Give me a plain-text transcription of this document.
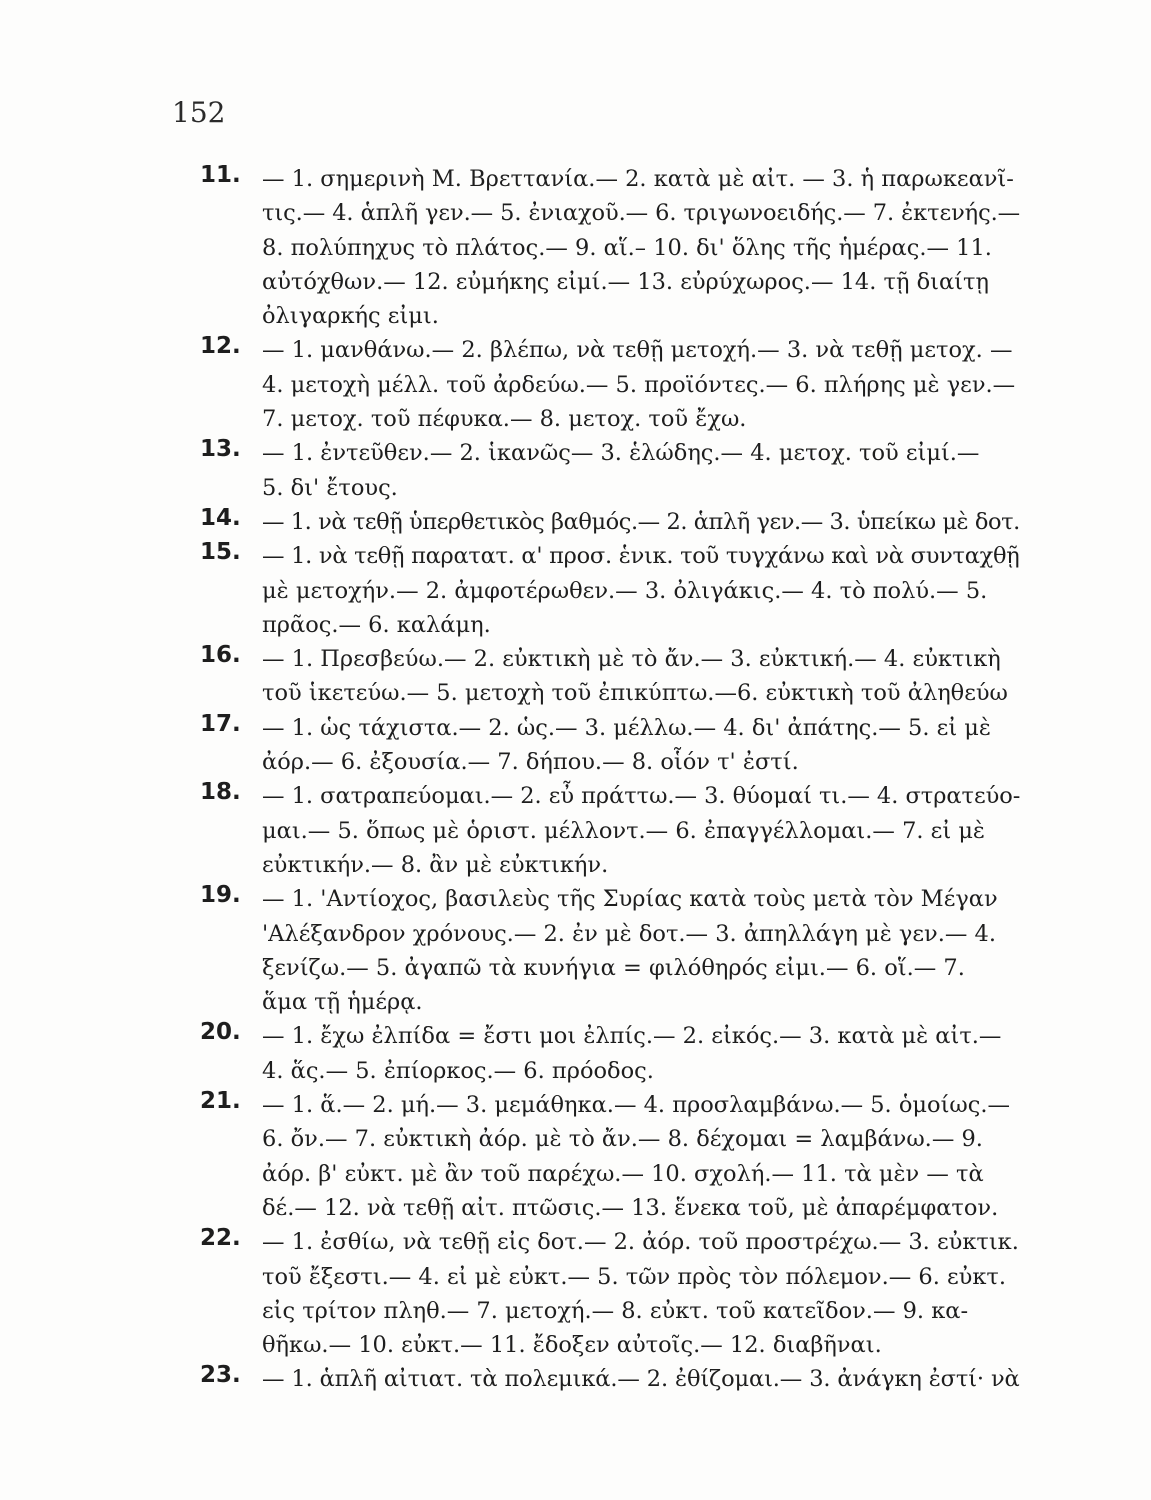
152
11. — 1. σημερινὴ Μ. Βρεττανία.— 2. κατὰ μὲ αἰτ. — 3. ἡ παρωκεανῖ-
τις.— 4. ἁπλῆ γεν.— 5. ἐνιαχοῦ.— 6. τριγωνοειδής.— 7. ἐκτενής.—
8. πολύπηχυς τὸ πλάτος.— 9. αἵ.– 10. δι' ὅλης τῆς ἡμέρας.— 11.
αὐτόχθων.— 12. εὐμήκης εἰμί.— 13. εὐρύχωρος.— 14. τῇ διαίτῃ
ὀλιγαρκής εἰμι.
12. — 1. μανθάνω.— 2. βλέπω, νὰ τεθῇ μετοχή.— 3. νὰ τεθῇ μετοχ. —
4. μετοχὴ μέλλ. τοῦ ἀρδεύω.— 5. προϊόντες.— 6. πλήρης μὲ γεν.—
7. μετοχ. τοῦ πέφυκα.— 8. μετοχ. τοῦ ἔχω.
13. — 1. ἐντεῦθεν.— 2. ἱκανῶς— 3. ἑλώδης.— 4. μετοχ. τοῦ εἰμί.—
5. δι' ἔτους.
14. — 1. νὰ τεθῇ ὑπερθετικὸς βαθμός.— 2. ἁπλῆ γεν.— 3. ὑπείκω μὲ δοτ.
15. — 1. νὰ τεθῇ παρατατ. α' προσ. ἑνικ. τοῦ τυγχάνω καὶ νὰ συνταχθῇ
μὲ μετοχήν.— 2. ἀμφοτέρωθεν.— 3. ὀλιγάκις.— 4. τὸ πολύ.— 5.
πρᾶος.— 6. καλάμη.
16. — 1. Πρεσβεύω.— 2. εὐκτικὴ μὲ τὸ ἄν.— 3. εὐκτική.— 4. εὐκτικὴ
τοῦ ἱκετεύω.— 5. μετοχὴ τοῦ ἐπικύπτω.—6. εὐκτικὴ τοῦ ἀληθεύω
17. — 1. ὡς τάχιστα.— 2. ὡς.— 3. μέλλω.— 4. δι' ἀπάτης.— 5. εἰ μὲ
ἀόρ.— 6. ἐξουσία.— 7. δήπου.— 8. οἷόν τ' ἐστί.
18. — 1. σατραπεύομαι.— 2. εὖ πράττω.— 3. θύομαί τι.— 4. στρατεύο-
μαι.— 5. ὅπως μὲ ὁριστ. μέλλοντ.— 6. ἐπαγγέλλομαι.— 7. εἰ μὲ
εὐκτικήν.— 8. ἂν μὲ εὐκτικήν.
19. — 1. 'Αντίοχος, βασιλεὺς τῆς Συρίας κατὰ τοὺς μετὰ τὸν Μέγαν
'Αλέξανδρον χρόνους.— 2. ἐν μὲ δοτ.— 3. ἀπηλλάγη μὲ γεν.— 4.
ξενίζω.— 5. ἀγαπῶ τὰ κυνήγια = φιλόθηρός εἰμι.— 6. οἵ.— 7.
ἅμα τῇ ἡμέρᾳ.
20. — 1. ἔχω ἐλπίδα = ἔστι μοι ἐλπίς.— 2. εἰκός.— 3. κατὰ μὲ αἰτ.—
4. ἅς.— 5. ἐπίορκος.— 6. πρόοδος.
21. — 1. ἅ.— 2. μή.— 3. μεμάθηκα.— 4. προσλαμβάνω.— 5. ὁμοίως.—
6. ὄν.— 7. εὐκτικὴ ἀόρ. μὲ τὸ ἄν.— 8. δέχομαι = λαμβάνω.— 9.
ἀόρ. β' εὐκτ. μὲ ἂν τοῦ παρέχω.— 10. σχολή.— 11. τὰ μὲν — τὰ
δέ.— 12. νὰ τεθῇ αἰτ. πτῶσις.— 13. ἕνεκα τοῦ, μὲ ἀπαρέμφατον.
22. — 1. ἐσθίω, νὰ τεθῇ εἰς δοτ.— 2. ἀόρ. τοῦ προστρέχω.— 3. εὐκτικ.
τοῦ ἔξεστι.— 4. εἰ μὲ εὐκτ.— 5. τῶν πρὸς τὸν πόλεμον.— 6. εὐκτ.
εἰς τρίτον πληθ.— 7. μετοχή.— 8. εὐκτ. τοῦ κατεῖδον.— 9. κα-
θῆκω.— 10. εὐκτ.— 11. ἔδοξεν αὐτοῖς.— 12. διαβῆναι.
23. — 1. ἁπλῆ αἰτιατ. τὰ πολεμικά.— 2. ἐθίζομαι.— 3. ἀνάγκη ἐστί· νὰ
